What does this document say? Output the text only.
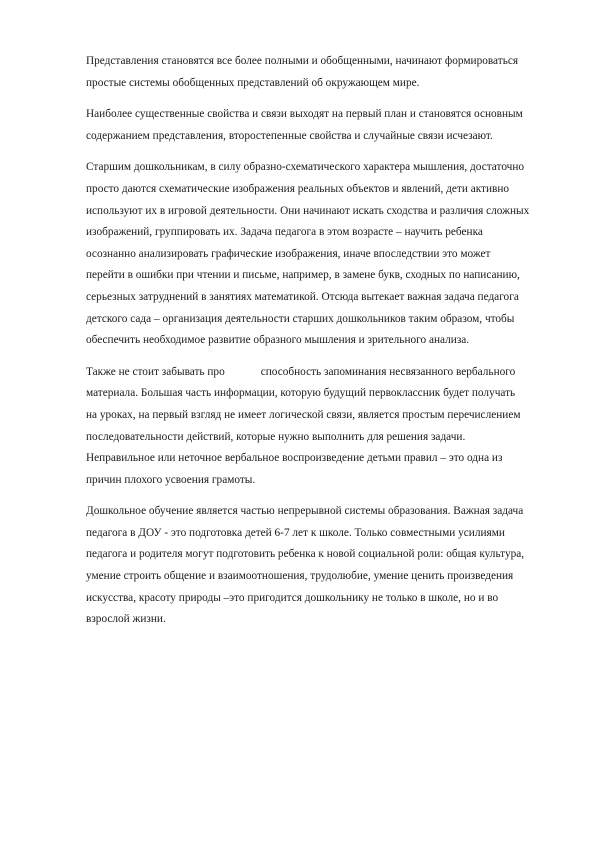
Представления становятся все более полными и обобщенными, начинают формироваться
простые системы обобщенных представлений об окружающем мире.

Наиболее существенные свойства и связи выходят на первый план и становятся основным
содержанием представления, второстепенные свойства и случайные связи исчезают.

Старшим дошкольникам, в силу образно-схематического характера мышления, достаточно
просто даются схематические изображения реальных объектов и явлений, дети активно
используют их в игровой деятельности. Они начинают искать сходства и различия сложных
изображений, группировать их. Задача педагога в этом возрасте – научить ребенка
осознанно анализировать графические изображения, иначе впоследствии это может
перейти в ошибки при чтении и письме, например, в замене букв, сходных по написанию,
серьезных затруднений в занятиях математикой. Отсюда вытекает важная задача педагога
детского сада – организация деятельности старших дошкольников таким образом, чтобы
обеспечить необходимое развитие образного мышления и зрительного анализа.

Также не стоит забывать про	способность запоминания несвязанного вербального
материала. Большая часть информации, которую будущий первоклассник будет получать
на уроках, на первый взгляд не имеет логической связи, является простым перечислением
последовательности действий, которые нужно выполнить для решения задачи.
Неправильное или неточное вербальное воспроизведение детьми правил – это одна из
причин плохого усвоения грамоты.

Дошкольное обучение является частью непрерывной системы образования. Важная задача
педагога в ДОУ - это подготовка детей 6-7 лет к школе. Только совместными усилиями
педагога и родителя могут подготовить ребенка к новой социальной роли: общая культура,
умение строить общение и взаимоотношения, трудолюбие, умение ценить произведения
искусства, красоту природы –это пригодится дошкольнику не только в школе, но и во
взрослой жизни.
